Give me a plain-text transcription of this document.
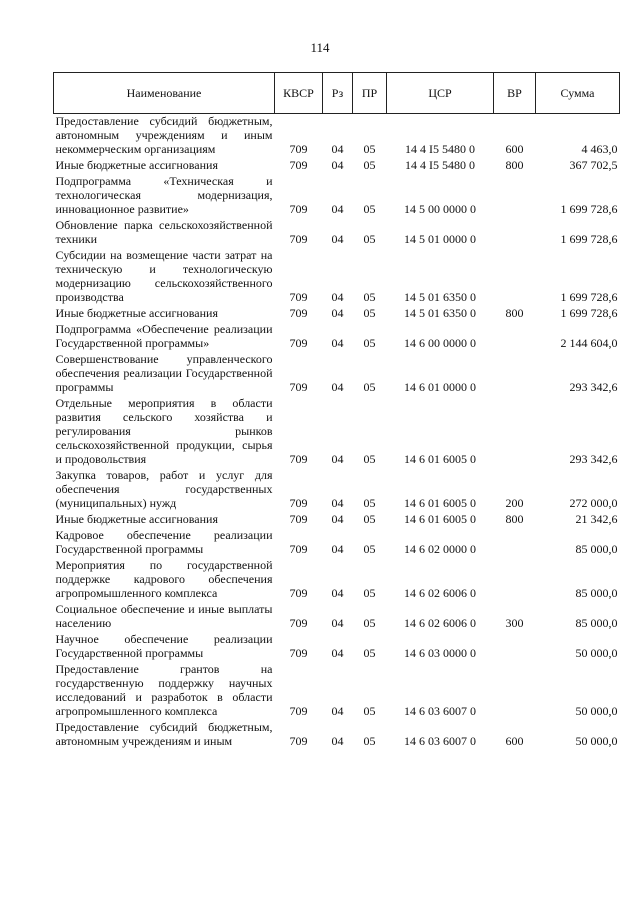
114
Наименование	КВСР	Рз	ПР	ЦСР	ВР	Сумма
Предоставление субсидий бюджетным, автономным учреждениям и иным некоммерческим организациям	709	04	05	14 4 I5 5480 0	600	4 463,0
Иные бюджетные ассигнования	709	04	05	14 4 I5 5480 0	800	367 702,5
Подпрограмма «Техническая и технологическая модернизация, инновационное развитие»	709	04	05	14 5 00 0000 0		1 699 728,6
Обновление парка сельскохозяйственной техники	709	04	05	14 5 01 0000 0		1 699 728,6
Субсидии на возмещение части затрат на техническую и технологическую модернизацию сельскохозяйственного производства	709	04	05	14 5 01 6350 0		1 699 728,6
Иные бюджетные ассигнования	709	04	05	14 5 01 6350 0	800	1 699 728,6
Подпрограмма «Обеспечение реализации Государственной программы»	709	04	05	14 6 00 0000 0		2 144 604,0
Совершенствование управленческого обеспечения реализации Государственной программы	709	04	05	14 6 01 0000 0		293 342,6
Отдельные мероприятия в области развития сельского хозяйства и регулирования рынков сельскохозяйственной продукции, сырья и продовольствия	709	04	05	14 6 01 6005 0		293 342,6
Закупка товаров, работ и услуг для обеспечения государственных (муниципальных) нужд	709	04	05	14 6 01 6005 0	200	272 000,0
Иные бюджетные ассигнования	709	04	05	14 6 01 6005 0	800	21 342,6
Кадровое обеспечение реализации Государственной программы	709	04	05	14 6 02 0000 0		85 000,0
Мероприятия по государственной поддержке кадрового обеспечения агропромышленного комплекса	709	04	05	14 6 02 6006 0		85 000,0
Социальное обеспечение и иные выплаты населению	709	04	05	14 6 02 6006 0	300	85 000,0
Научное обеспечение реализации Государственной программы	709	04	05	14 6 03 0000 0		50 000,0
Предоставление грантов на государственную поддержку научных исследований и разработок в области агропромышленного комплекса	709	04	05	14 6 03 6007 0		50 000,0
Предоставление субсидий бюджетным, автономным учреждениям и иным	709	04	05	14 6 03 6007 0	600	50 000,0
